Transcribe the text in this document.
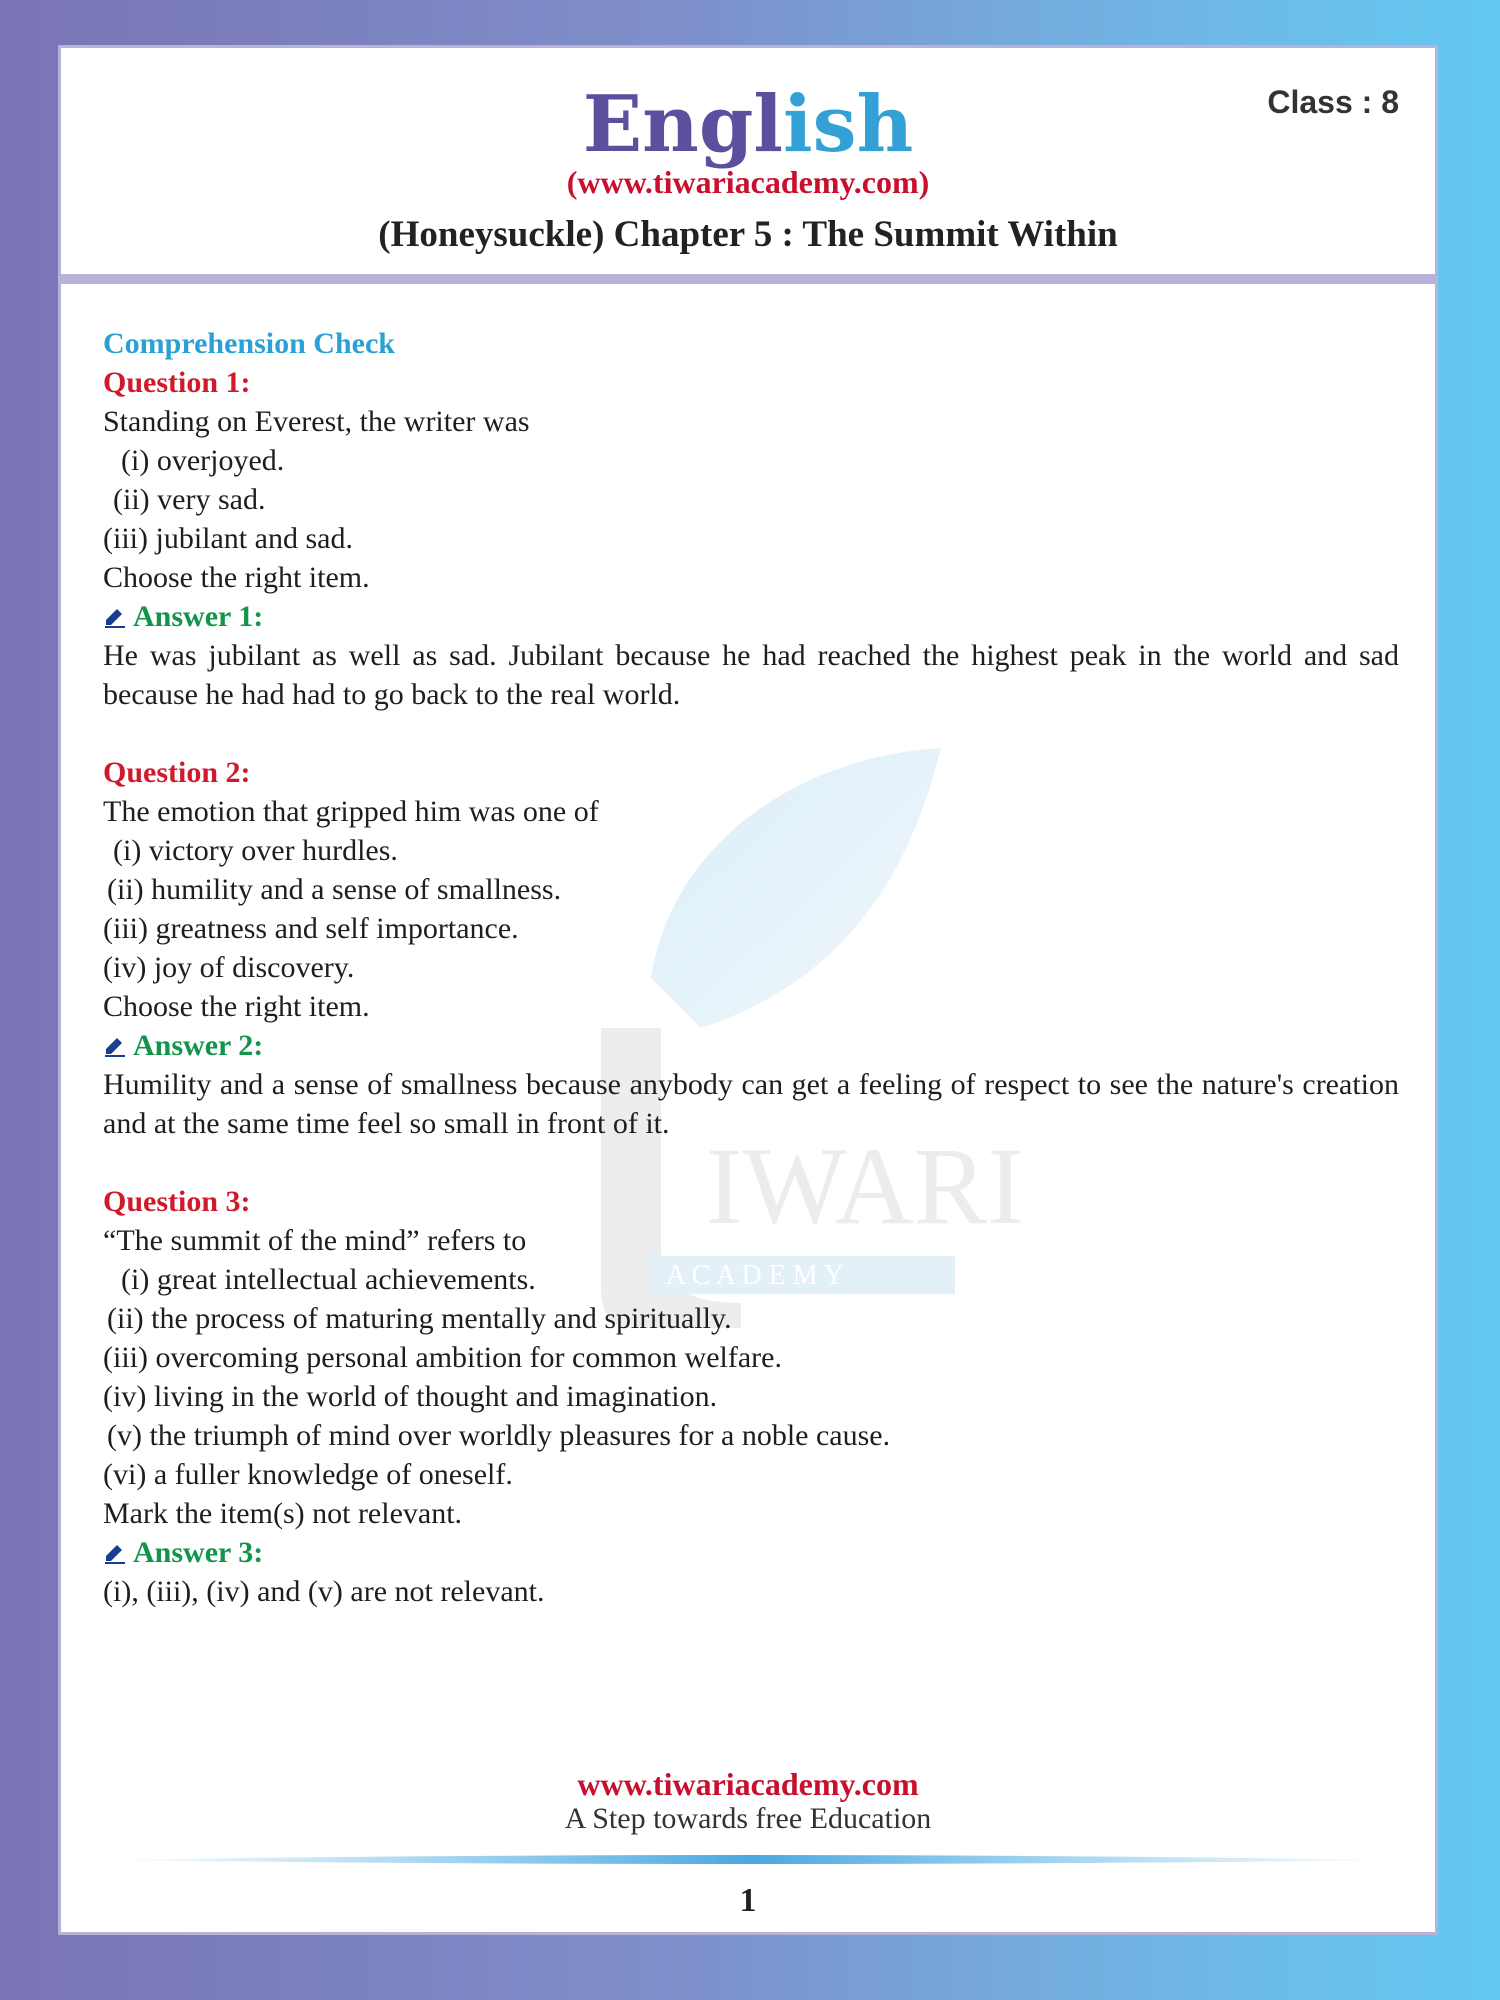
English	Class : 8
(www.tiwariacademy.com)
(Honeysuckle) Chapter 5 : The Summit Within
IWARI
A C A D E M Y
Comprehension Check
Question 1:
Standing on Everest, the writer was
(i) overjoyed.
(ii) very sad.
(iii) jubilant and sad.
Choose the right item.
Answer 1:
He was jubilant as well as sad. Jubilant because he had reached the highest peak in the world and sad because he had had to go back to the real world.
Question 2:
The emotion that gripped him was one of
(i) victory over hurdles.
(ii) humility and a sense of smallness.
(iii) greatness and self importance.
(iv) joy of discovery.
Choose the right item.
Answer 2:
Humility and a sense of smallness because anybody can get a feeling of respect to see the nature's creation and at the same time feel so small in front of it.
Question 3:
“The summit of the mind” refers to
(i) great intellectual achievements.
(ii) the process of maturing mentally and spiritually.
(iii) overcoming personal ambition for common welfare.
(iv) living in the world of thought and imagination.
(v) the triumph of mind over worldly pleasures for a noble cause.
(vi) a fuller knowledge of oneself.
Mark the item(s) not relevant.
Answer 3:
(i), (iii), (iv) and (v) are not relevant.
www.tiwariacademy.com
A Step towards free Education
1
